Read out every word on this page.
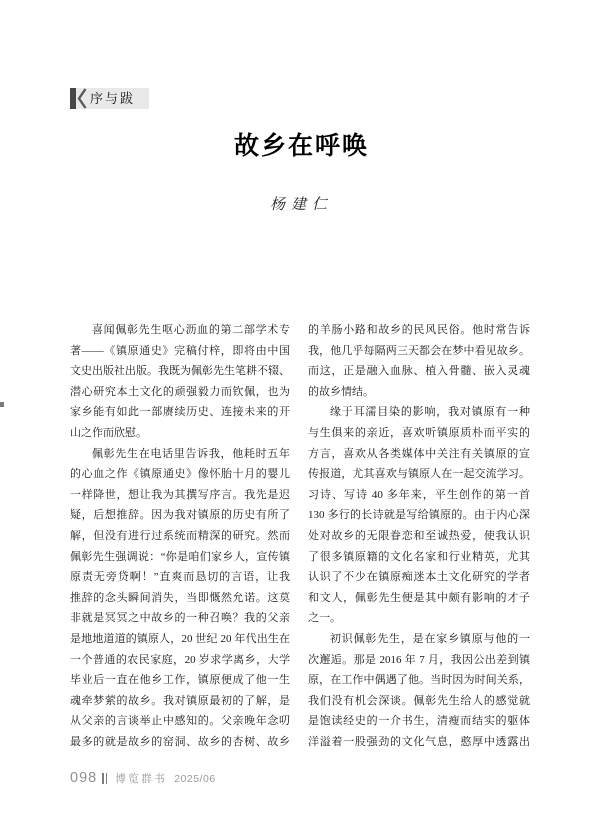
序与跋
故乡在呼唤
杨建仁
喜闻佩彰先生呕心沥血的第二部学术专
著——《镇原通史》完稿付梓，即将由中国
文史出版社出版。我既为佩彰先生笔耕不辍、
潜心研究本土文化的顽强毅力而钦佩，也为
家乡能有如此一部赓续历史、连接未来的开
山之作而欣慰。
佩彰先生在电话里告诉我，他耗时五年
的心血之作《镇原通史》像怀胎十月的婴儿
一样降世，想让我为其撰写序言。我先是迟
疑，后想推辞。因为我对镇原的历史有所了
解，但没有进行过系统而精深的研究。然而
佩彰先生强调说：“你是咱们家乡人，宣传镇
原责无旁贷啊！”直爽而恳切的言语，让我
推辞的念头瞬间消失，当即慨然允诺。这莫
非就是冥冥之中故乡的一种召唤？我的父亲
是地地道道的镇原人，20 世纪 20 年代出生在
一个普通的农民家庭，20 岁求学离乡，大学
毕业后一直在他乡工作，镇原便成了他一生
魂牵梦萦的故乡。我对镇原最初的了解，是
从父亲的言谈举止中感知的。父亲晚年念叨
最多的就是故乡的窑洞、故乡的杏树、故乡
的羊肠小路和故乡的民风民俗。他时常告诉
我，他几乎每隔两三天都会在梦中看见故乡。
而这，正是融入血脉、植入骨髓、嵌入灵魂
的故乡情结。
缘于耳濡目染的影响，我对镇原有一种
与生俱来的亲近，喜欢听镇原质朴而平实的
方言，喜欢从各类媒体中关注有关镇原的宣
传报道，尤其喜欢与镇原人在一起交流学习。
习诗、写诗 40 多年来，平生创作的第一首
130 多行的长诗就是写给镇原的。由于内心深
处对故乡的无限眷恋和至诚热爱，使我认识
了很多镇原籍的文化名家和行业精英，尤其
认识了不少在镇原痴迷本土文化研究的学者
和文人，佩彰先生便是其中颇有影响的才子
之一。
初识佩彰先生，是在家乡镇原与他的一
次邂逅。那是 2016 年 7 月，我因公出差到镇
原，在工作中偶遇了他。当时因为时间关系，
我们没有机会深谈。佩彰先生给人的感觉就
是饱读经史的一介书生，清瘦而结实的躯体
洋溢着一股强劲的文化气息，憨厚中透露出
098 博览群书 2025/06
